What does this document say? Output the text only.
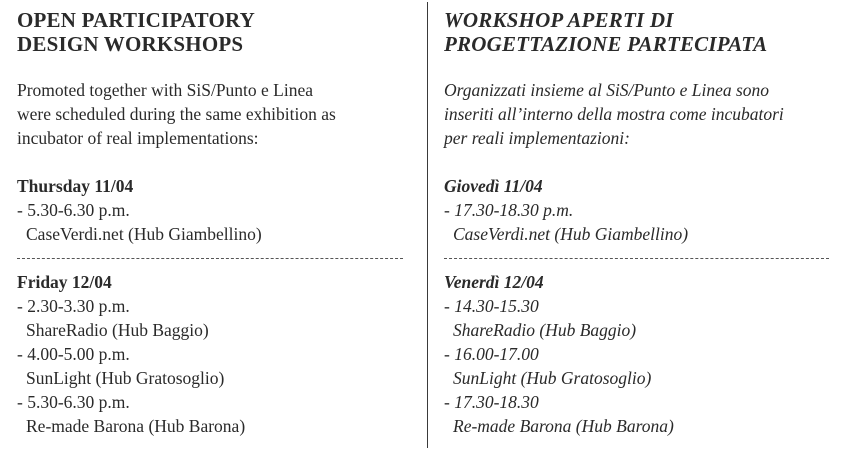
OPEN PARTICIPATORY
DESIGN WORKSHOPS
Promoted together with SiS/Punto e Linea
were scheduled during the same exhibition as
incubator of real implementations:
Thursday 11/04
- 5.30-6.30 p.m.
CaseVerdi.net (Hub Giambellino)
Friday 12/04
- 2.30-3.30 p.m.
ShareRadio (Hub Baggio)
- 4.00-5.00 p.m.
SunLight (Hub Gratosoglio)
- 5.30-6.30 p.m.
Re-made Barona (Hub Barona)
WORKSHOP APERTI DI
PROGETTAZIONE PARTECIPATA
Organizzati insieme al SiS/Punto e Linea sono
inseriti all’interno della mostra come incubatori
per reali implementazioni:
Giovedì 11/04
- 17.30-18.30 p.m.
CaseVerdi.net (Hub Giambellino)
Venerdì 12/04
- 14.30-15.30
ShareRadio (Hub Baggio)
- 16.00-17.00
SunLight (Hub Gratosoglio)
- 17.30-18.30
Re-made Barona (Hub Barona)
